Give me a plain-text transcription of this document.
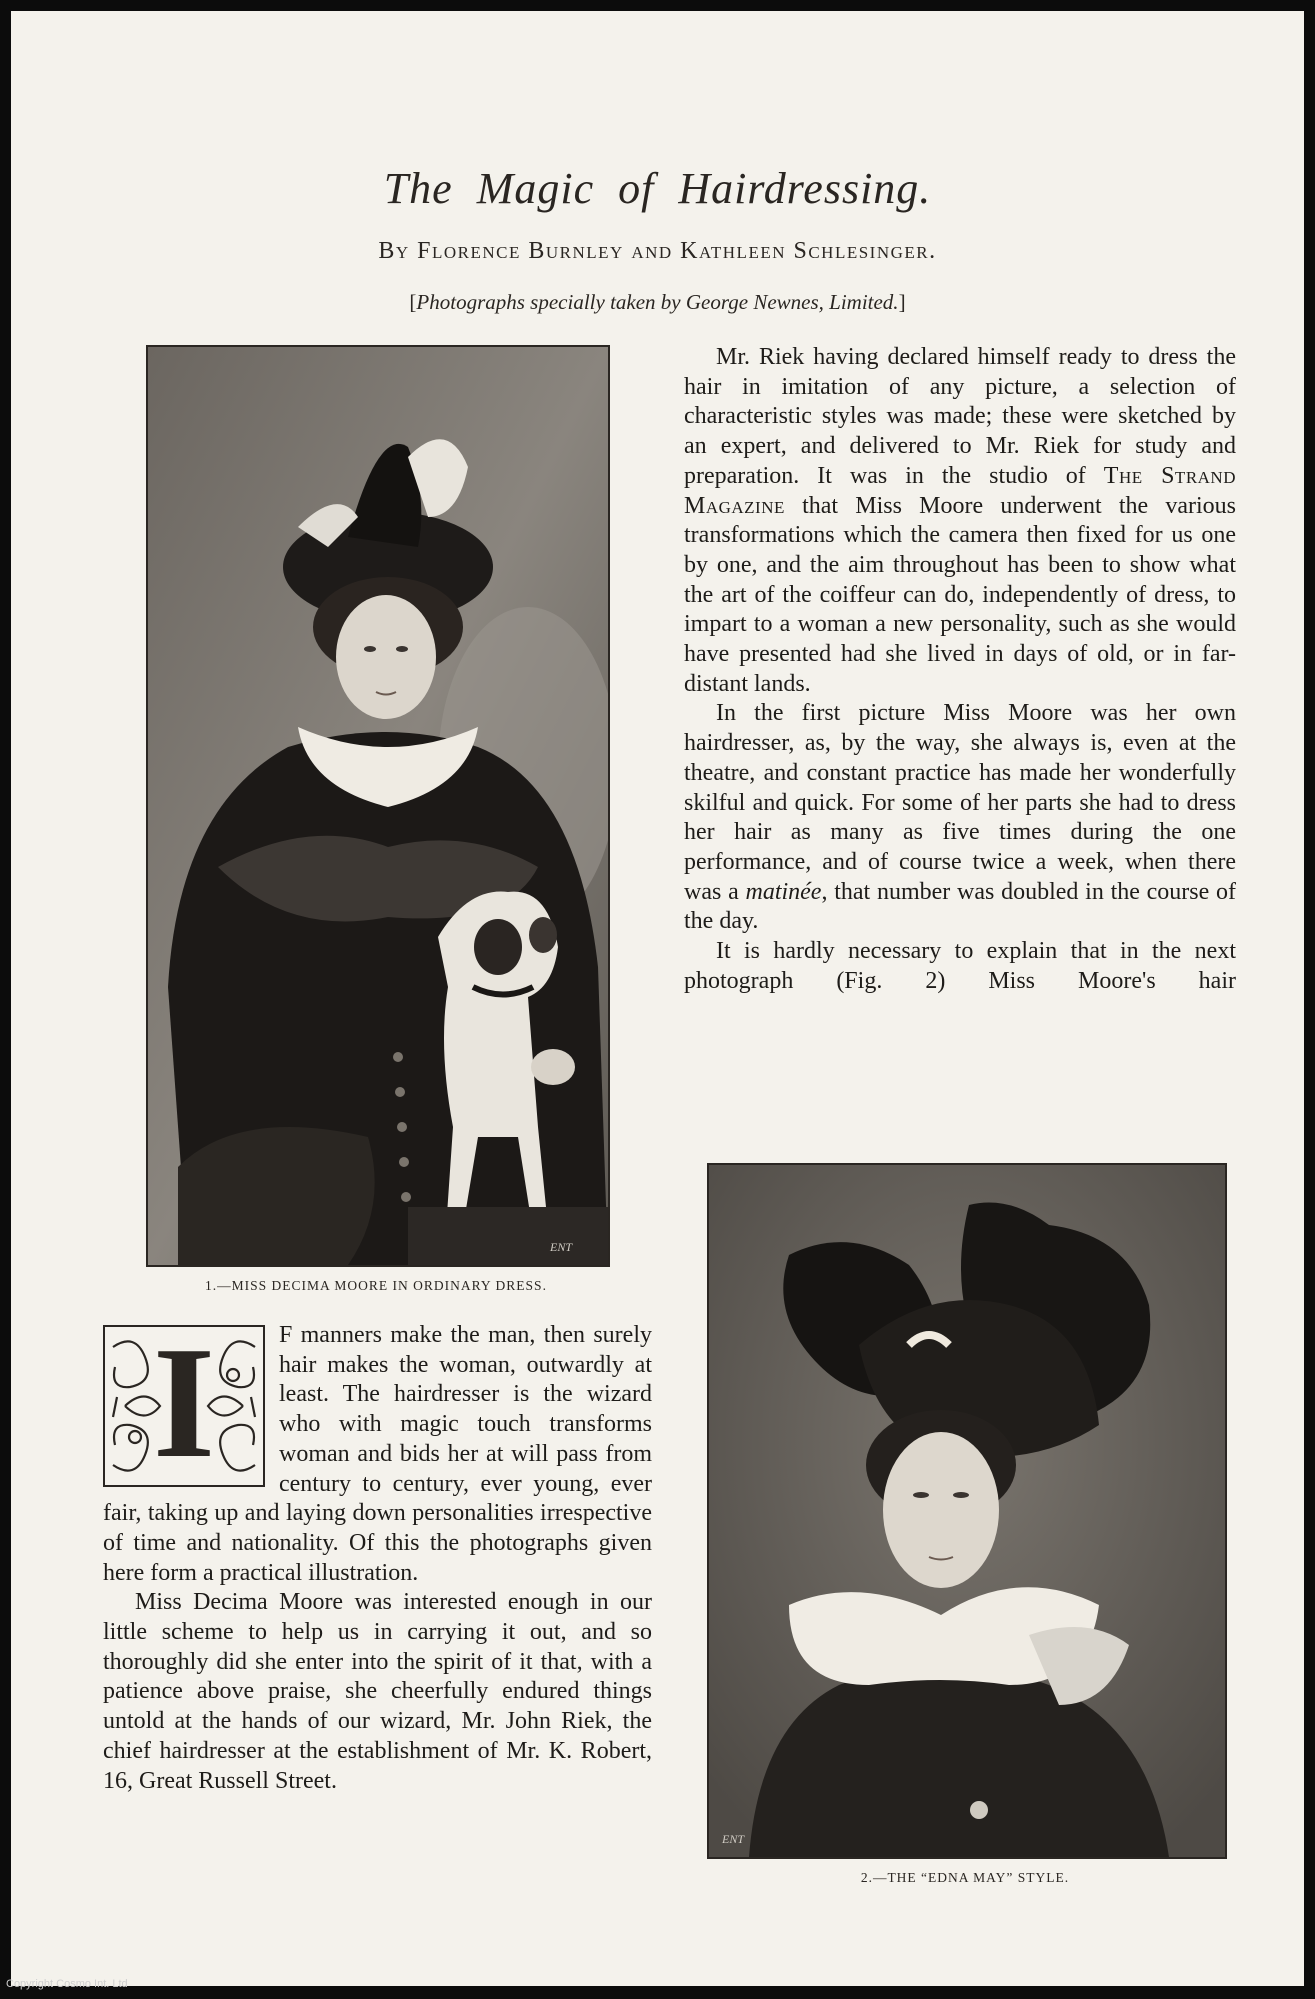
The Magic of Hairdressing.
By Florence Burnley and Kathleen Schlesinger.
[Photographs specially taken by George Newnes, Limited.]
ENT
1.—MISS DECIMA MOORE IN ORDINARY DRESS.
ENT
2.—THE “EDNA MAY” STYLE.

I	F manners make the man, then surely hair makes the woman, outwardly at least. The hairdresser is the wizard who with magic touch transforms woman and bids her at will pass from century to century, ever young, ever fair, taking up and laying down personalities irrespective of time and nationality. Of this the photographs given here form a practical illustration.

Miss Decima Moore was interested enough in our little scheme to help us in carrying it out, and so thoroughly did she enter into the spirit of it that, with a patience above praise, she cheerfully endured things untold at the hands of our wizard, Mr. John Riek, the chief hairdresser at the establishment of Mr. K. Robert, 16, Great Russell Street.

Mr. Riek having declared himself ready to dress the hair in imitation of any picture, a selection of characteristic styles was made; these were sketched by an expert, and delivered to Mr. Riek for study and preparation. It was in the studio of The Strand Magazine that Miss Moore underwent the various transformations which the camera then fixed for us one by one, and the aim throughout has been to show what the art of the coiffeur can do, independently of dress, to impart to a woman a new personality, such as she would have presented had she lived in days of old, or in far-distant lands.

In the first picture Miss Moore was her own hairdresser, as, by the way, she always is, even at the theatre, and constant practice has made her wonderfully skilful and quick. For some of her parts she had to dress her hair as many as five times during the one performance, and of course twice a week, when there was a matinée, that number was doubled in the course of the day.

It is hardly necessary to explain that in the next photograph (Fig. 2) Miss Moore's hair

Copyright Cosmo Int. Ltd
